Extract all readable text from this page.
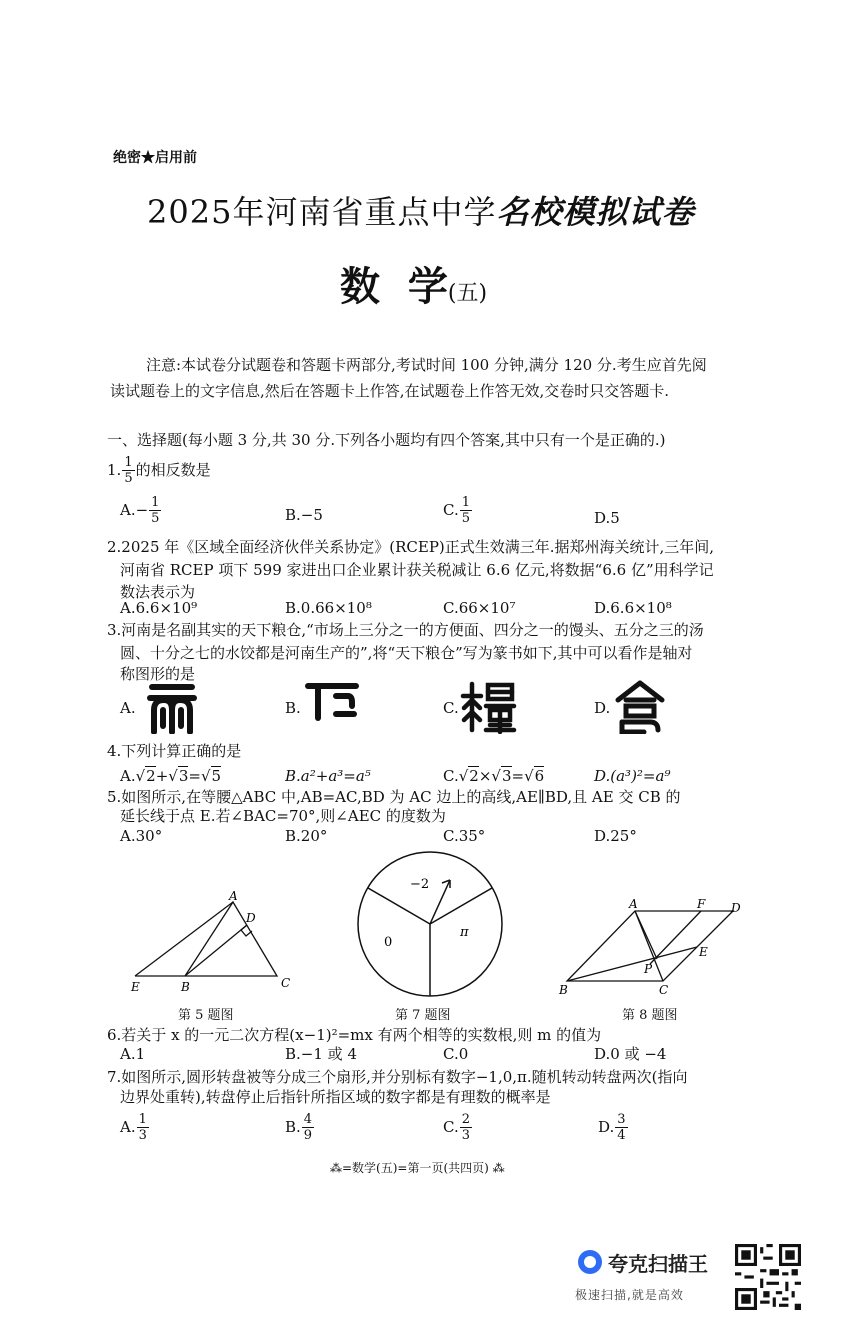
绝密★启用前
2025年河南省重点中学名校模拟试卷
数  学(五)
注意:本试卷分试题卷和答题卡两部分,考试时间 100 分钟,满分 120 分.考生应首先阅
读试题卷上的文字信息,然后在答题卡上作答,在试题卷上作答无效,交卷时只交答题卡.
一、选择题(每小题 3 分,共 30 分.下列各小题均有四个答案,其中只有一个是正确的.)
1. $\frac{1}{5}$ 的相反数是
$A.- \frac{1}{5}$	B.−5	C. $\frac{1}{5}$	D.5
2.2025 年《区域全面经济伙伴关系协定》(RCEP)正式生效满三年.据郑州海关统计,三年间,
河南省 RCEP 项下 599 家进出口企业累计获关税减让 6.6 亿元,将数据“6.6 亿”用科学记
数法表示为
A.6.6×10⁹	B.0.66×10⁸	C.66×10⁷	D.6.6×10⁸
3.河南是名副其实的天下粮仓,“市场上三分之一的方便面、四分之一的馒头、五分之三的汤
圆、十分之七的水饺都是河南生产的”,将“天下粮仓”写为篆书如下,其中可以看作是轴对
称图形的是
A.	B.	C.	D.
4.下列计算正确的是
A.√2+√3=√5	B.a²+a³=a⁵	C.√2×√3=√6	D.(a³)²=a⁹
5.如图所示,在等腰△ABC 中,AB=AC,BD 为 AC 边上的高线,AE∥BD,且 AE 交 CB 的
延长线于点 E.若∠BAC=70°,则∠AEC 的度数为
A.30°	B.20°	C.35°	D.25°
A
D
E	B	C
第 5 题图
−2
0
π
第 7 题图
A	F D
E
P
B	C
第 8 题图
6.若关于 x 的一元二次方程(x−1)²=mx 有两个相等的实数根,则 m 的值为
A.1	B.−1 或 4	C.0	D.0 或 −4
7.如图所示,圆形转盘被等分成三个扇形,并分别标有数字−1,0,π.随机转动转盘两次(指向
边界处重转),转盘停止后指针所指区域的数字都是有理数的概率是
A. $\frac{1}{3}$	B. $\frac{4}{9}$	C. $\frac{2}{3}$	D. $\frac{3}{4}$
⁂=数学(五)=第一页(共四页) ⁂
夸克扫描王
极速扫描,就是高效
